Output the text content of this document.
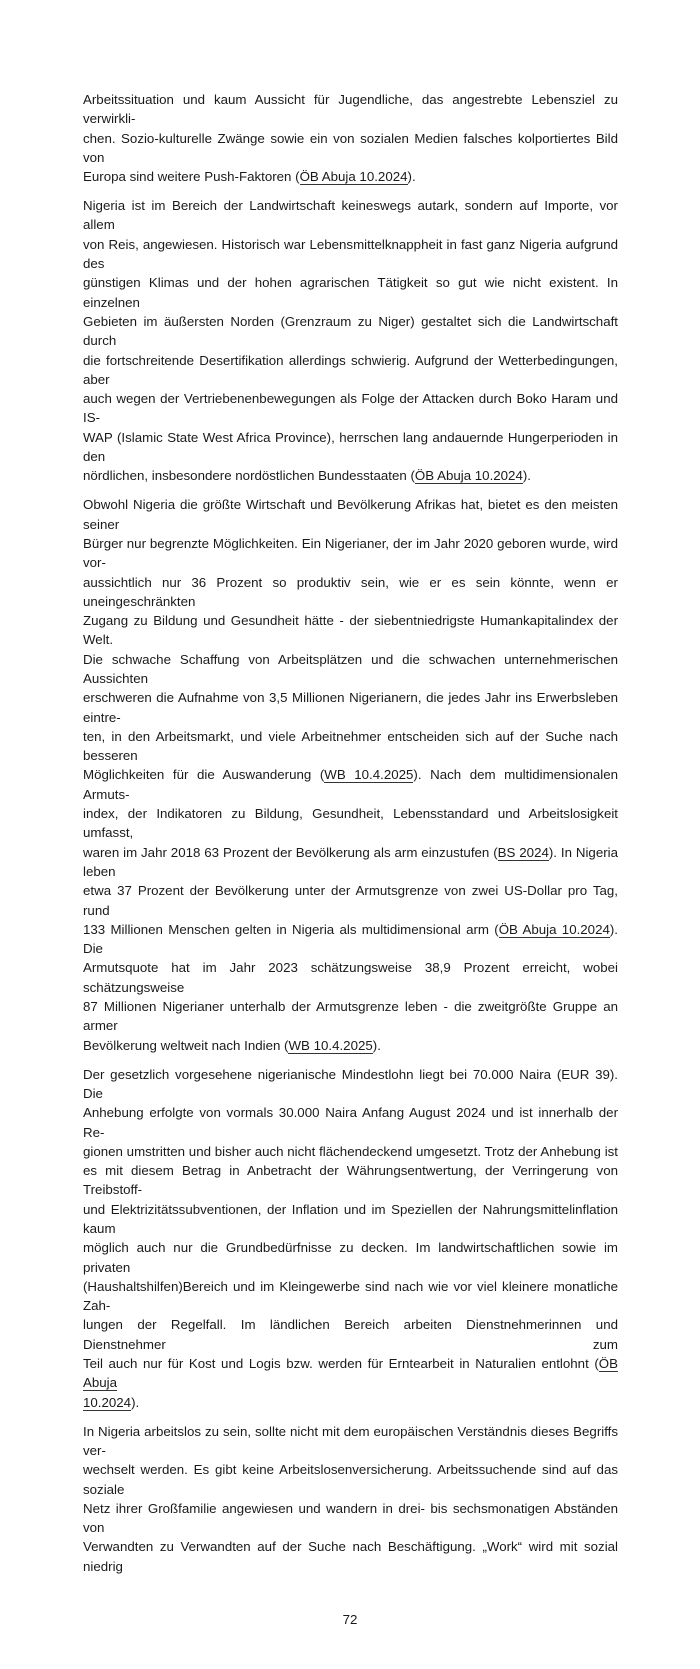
Arbeitssituation und kaum Aussicht für Jugendliche, das angestrebte Lebensziel zu verwirkli-
chen. Sozio-kulturelle Zwänge sowie ein von sozialen Medien falsches kolportiertes Bild von
Europa sind weitere Push-Faktoren (ÖB Abuja 10.2024).
Nigeria ist im Bereich der Landwirtschaft keineswegs autark, sondern auf Importe, vor allem
von Reis, angewiesen. Historisch war Lebensmittelknappheit in fast ganz Nigeria aufgrund des
günstigen Klimas und der hohen agrarischen Tätigkeit so gut wie nicht existent. In einzelnen
Gebieten im äußersten Norden (Grenzraum zu Niger) gestaltet sich die Landwirtschaft durch
die fortschreitende Desertifikation allerdings schwierig. Aufgrund der Wetterbedingungen, aber
auch wegen der Vertriebenenbewegungen als Folge der Attacken durch Boko Haram und IS-
WAP (Islamic State West Africa Province), herrschen lang andauernde Hungerperioden in den
nördlichen, insbesondere nordöstlichen Bundesstaaten (ÖB Abuja 10.2024).
Obwohl Nigeria die größte Wirtschaft und Bevölkerung Afrikas hat, bietet es den meisten seiner
Bürger nur begrenzte Möglichkeiten. Ein Nigerianer, der im Jahr 2020 geboren wurde, wird vor-
aussichtlich nur 36 Prozent so produktiv sein, wie er es sein könnte, wenn er uneingeschränkten
Zugang zu Bildung und Gesundheit hätte - der siebentniedrigste Humankapitalindex der Welt.
Die schwache Schaffung von Arbeitsplätzen und die schwachen unternehmerischen Aussichten
erschweren die Aufnahme von 3,5 Millionen Nigerianern, die jedes Jahr ins Erwerbsleben eintre-
ten, in den Arbeitsmarkt, und viele Arbeitnehmer entscheiden sich auf der Suche nach besseren
Möglichkeiten für die Auswanderung (WB 10.4.2025). Nach dem multidimensionalen Armuts-
index, der Indikatoren zu Bildung, Gesundheit, Lebensstandard und Arbeitslosigkeit umfasst,
waren im Jahr 2018 63 Prozent der Bevölkerung als arm einzustufen (BS 2024). In Nigeria leben
etwa 37 Prozent der Bevölkerung unter der Armutsgrenze von zwei US-Dollar pro Tag, rund
133 Millionen Menschen gelten in Nigeria als multidimensional arm (ÖB Abuja 10.2024). Die
Armutsquote hat im Jahr 2023 schätzungsweise 38,9 Prozent erreicht, wobei schätzungsweise
87 Millionen Nigerianer unterhalb der Armutsgrenze leben - die zweitgrößte Gruppe an armer
Bevölkerung weltweit nach Indien (WB 10.4.2025).
Der gesetzlich vorgesehene nigerianische Mindestlohn liegt bei 70.000 Naira (EUR 39). Die
Anhebung erfolgte von vormals 30.000 Naira Anfang August 2024 und ist innerhalb der Re-
gionen umstritten und bisher auch nicht flächendeckend umgesetzt. Trotz der Anhebung ist
es mit diesem Betrag in Anbetracht der Währungsentwertung, der Verringerung von Treibstoff-
und Elektrizitätssubventionen, der Inflation und im Speziellen der Nahrungsmittelinflation kaum
möglich auch nur die Grundbedürfnisse zu decken. Im landwirtschaftlichen sowie im privaten
(Haushaltshilfen)Bereich und im Kleingewerbe sind nach wie vor viel kleinere monatliche Zah-
lungen der Regelfall. Im ländlichen Bereich arbeiten Dienstnehmerinnen und Dienstnehmer zum
Teil auch nur für Kost und Logis bzw. werden für Erntearbeit in Naturalien entlohnt (ÖB Abuja
10.2024).
In Nigeria arbeitslos zu sein, sollte nicht mit dem europäischen Verständnis dieses Begriffs ver-
wechselt werden. Es gibt keine Arbeitslosenversicherung. Arbeitssuchende sind auf das soziale
Netz ihrer Großfamilie angewiesen und wandern in drei- bis sechsmonatigen Abständen von
Verwandten zu Verwandten auf der Suche nach Beschäftigung. „Work“ wird mit sozial niedrig
72
